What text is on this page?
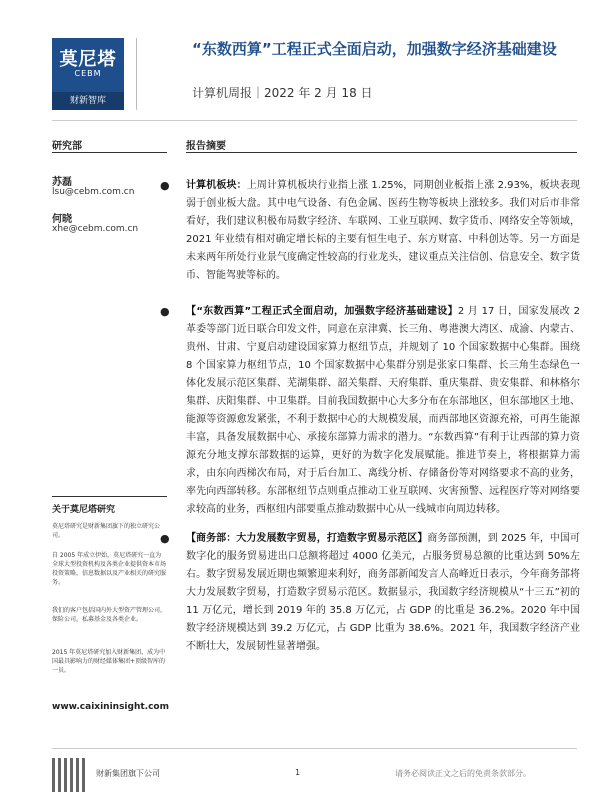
莫尼塔
CEBM
财新智库
“东数西算”工程正式全面启动，加强数字经济基础建设
计算机周报｜2022 年 2 月 18 日
研究部	报告摘要
苏磊
lsu@cebm.com.cn
何晓
xhe@cebm.com.cn
关于莫尼塔研究
莫尼塔研究是财新集团旗下的独立研究公司。
自 2005 年成立伊始，莫尼塔研究一直为全球大型投资机构及各类企业提供资本市场投资策略，信息数据以及产业相关的研究服务。
我们的客户包括国内外大型资产管理公司，保险公司，私募基金及各类企业。
2015 年莫尼塔研究加入财新集团，成为中国最具影响力的财经媒体集团+顶级智库的一员。
www.caixininsight.com
● 计算机板块：上周计算机板块行业指上涨 1.25%，同期创业板指上涨 2.93%，板块表现弱于创业板大盘。其中电气设备、有色金属、医药生物等板块上涨较多。我们对后市非常看好，我们建议积极布局数字经济、车联网、工业互联网、数字货币、网络安全等领域，2021 年业绩有相对确定增长标的主要有恒生电子、东方财富、中科创达等。另一方面是未来两年所处行业景气度确定性较高的行业龙头，建议重点关注信创、信息安全、数字货币、智能驾驶等标的。
● 【“东数西算”工程正式全面启动，加强数字经济基础建设】2 月 17 日，国家发展改 2 革委等部门近日联合印发文件，同意在京津冀、长三角、粤港澳大湾区、成渝、内蒙古、贵州、甘肃、宁夏启动建设国家算力枢纽节点，并规划了 10 个国家数据中心集群。围绕 8 个国家算力枢纽节点，10 个国家数据中心集群分别是张家口集群、长三角生态绿色一体化发展示范区集群、芜湖集群、韶关集群、天府集群、重庆集群、贵安集群、和林格尔集群、庆阳集群、中卫集群。目前我国数据中心大多分布在东部地区，但东部地区土地、能源等资源愈发紧张，不利于数据中心的大规模发展，而西部地区资源充裕，可再生能源丰富，具备发展数据中心、承接东部算力需求的潜力。“东数西算”有利于让西部的算力资源充分地支撑东部数据的运算，更好的为数字化发展赋能。推进节奏上，将根据算力需求，由东向西梯次布局，对于后台加工、离线分析、存储备份等对网络要求不高的业务，率先向西部转移。东部枢纽节点则重点推动工业互联网、灾害预警、远程医疗等对网络要求较高的业务，西枢纽内部要重点推动数据中心从一线城市向周边转移。
● 【商务部：大力发展数字贸易，打造数字贸易示范区】商务部预测，到 2025 年，中国可数字化的服务贸易进出口总额将超过 4000 亿美元，占服务贸易总额的比重达到 50%左右。数字贸易发展近期也频繁迎来利好，商务部新闻发言人高峰近日表示，今年商务部将大力发展数字贸易，打造数字贸易示范区。数据显示，我国数字经济规模从“十三五”初的 11 万亿元，增长到 2019 年的 35.8 万亿元，占 GDP 的比重是 36.2%。2020 年中国数字经济规模达到 39.2 万亿元，占 GDP 比重为 38.6%。2021 年，我国数字经济产业不断壮大，发展韧性显著增强。
财新集团旗下公司	1	请务必阅读正文之后的免责条款部分。
